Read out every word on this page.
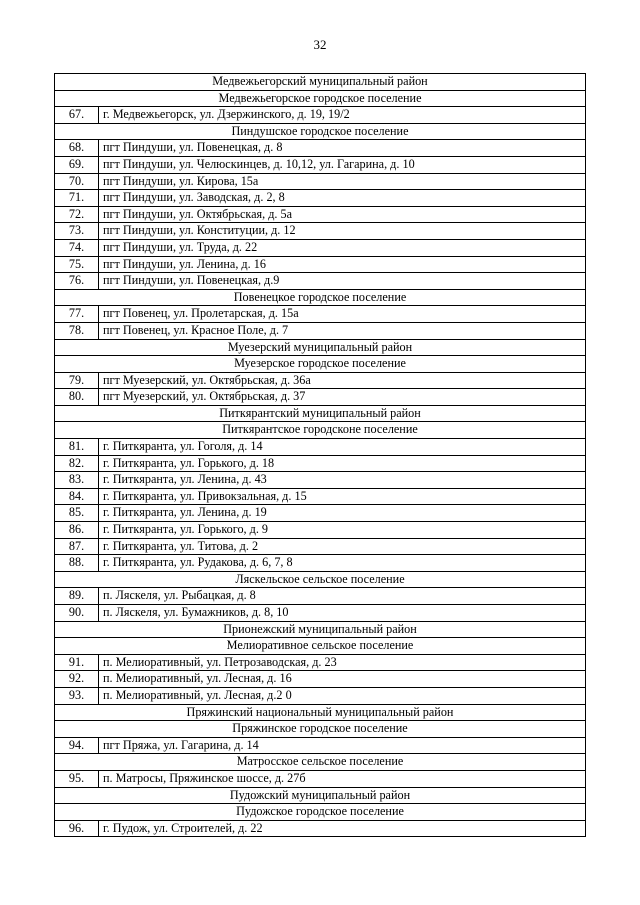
32
Медвежьегорский муниципальный район	
Медвежьегорское городское поселение	
67.	г. Медвежьегорск, ул. Дзержинского, д. 19, 19/2
Пиндушское городское поселение	
68.	пгт Пиндуши, ул. Повенецкая, д. 8
69.	пгт Пиндуши, ул. Челюскинцев, д. 10,12, ул. Гагарина, д. 10
70.	пгт Пиндуши, ул. Кирова, 15а
71.	пгт Пиндуши, ул. Заводская, д. 2, 8
72.	пгт Пиндуши, ул. Октябрьская, д. 5а
73.	пгт Пиндуши, ул. Конституции, д. 12
74.	пгт Пиндуши, ул. Труда, д. 22
75.	пгт Пиндуши, ул. Ленина, д. 16
76.	пгт Пиндуши, ул. Повенецкая, д.9
Повенецкое городское поселение	
77.	пгт Повенец, ул. Пролетарская, д. 15а
78.	пгт Повенец, ул. Красное Поле, д. 7
Муезерский муниципальный район	
Муезерское городское поселение	
79.	пгт Муезерский, ул. Октябрьская, д. 36а
80.	пгт Муезерский, ул. Октябрьская, д. 37
Питкярантский муниципальный район	
Питкярантское городсконе поселение	
81.	г. Питкяранта, ул. Гоголя, д. 14
82.	г. Питкяранта, ул. Горького, д. 18
83.	г. Питкяранта, ул. Ленина, д. 43
84.	г. Питкяранта, ул. Привокзальная, д. 15
85.	г. Питкяранта, ул. Ленина, д. 19
86.	г. Питкяранта, ул. Горького, д. 9
87.	г. Питкяранта, ул. Титова, д. 2
88.	г. Питкяранта, ул. Рудакова, д. 6, 7, 8
Ляскельское сельское поселение	
89.	п. Ляскеля, ул. Рыбацкая, д. 8
90.	п. Ляскеля, ул. Бумажников, д. 8, 10
Прионежский муниципальный район	
Мелиоративное сельское поселение	
91.	п. Мелиоративный, ул. Петрозаводская, д. 23
92.	п. Мелиоративный, ул. Лесная, д. 16
93.	п. Мелиоративный, ул. Лесная, д.2 0
Пряжинский национальный муниципальный район	
Пряжинское городское поселение	
94.	пгт Пряжа, ул. Гагарина, д. 14
Матросское сельское поселение	
95.	п. Матросы, Пряжинское шоссе, д. 27б
Пудожский муниципальный район	
Пудожское городское поселение	
96.	г. Пудож, ул. Строителей, д. 22
